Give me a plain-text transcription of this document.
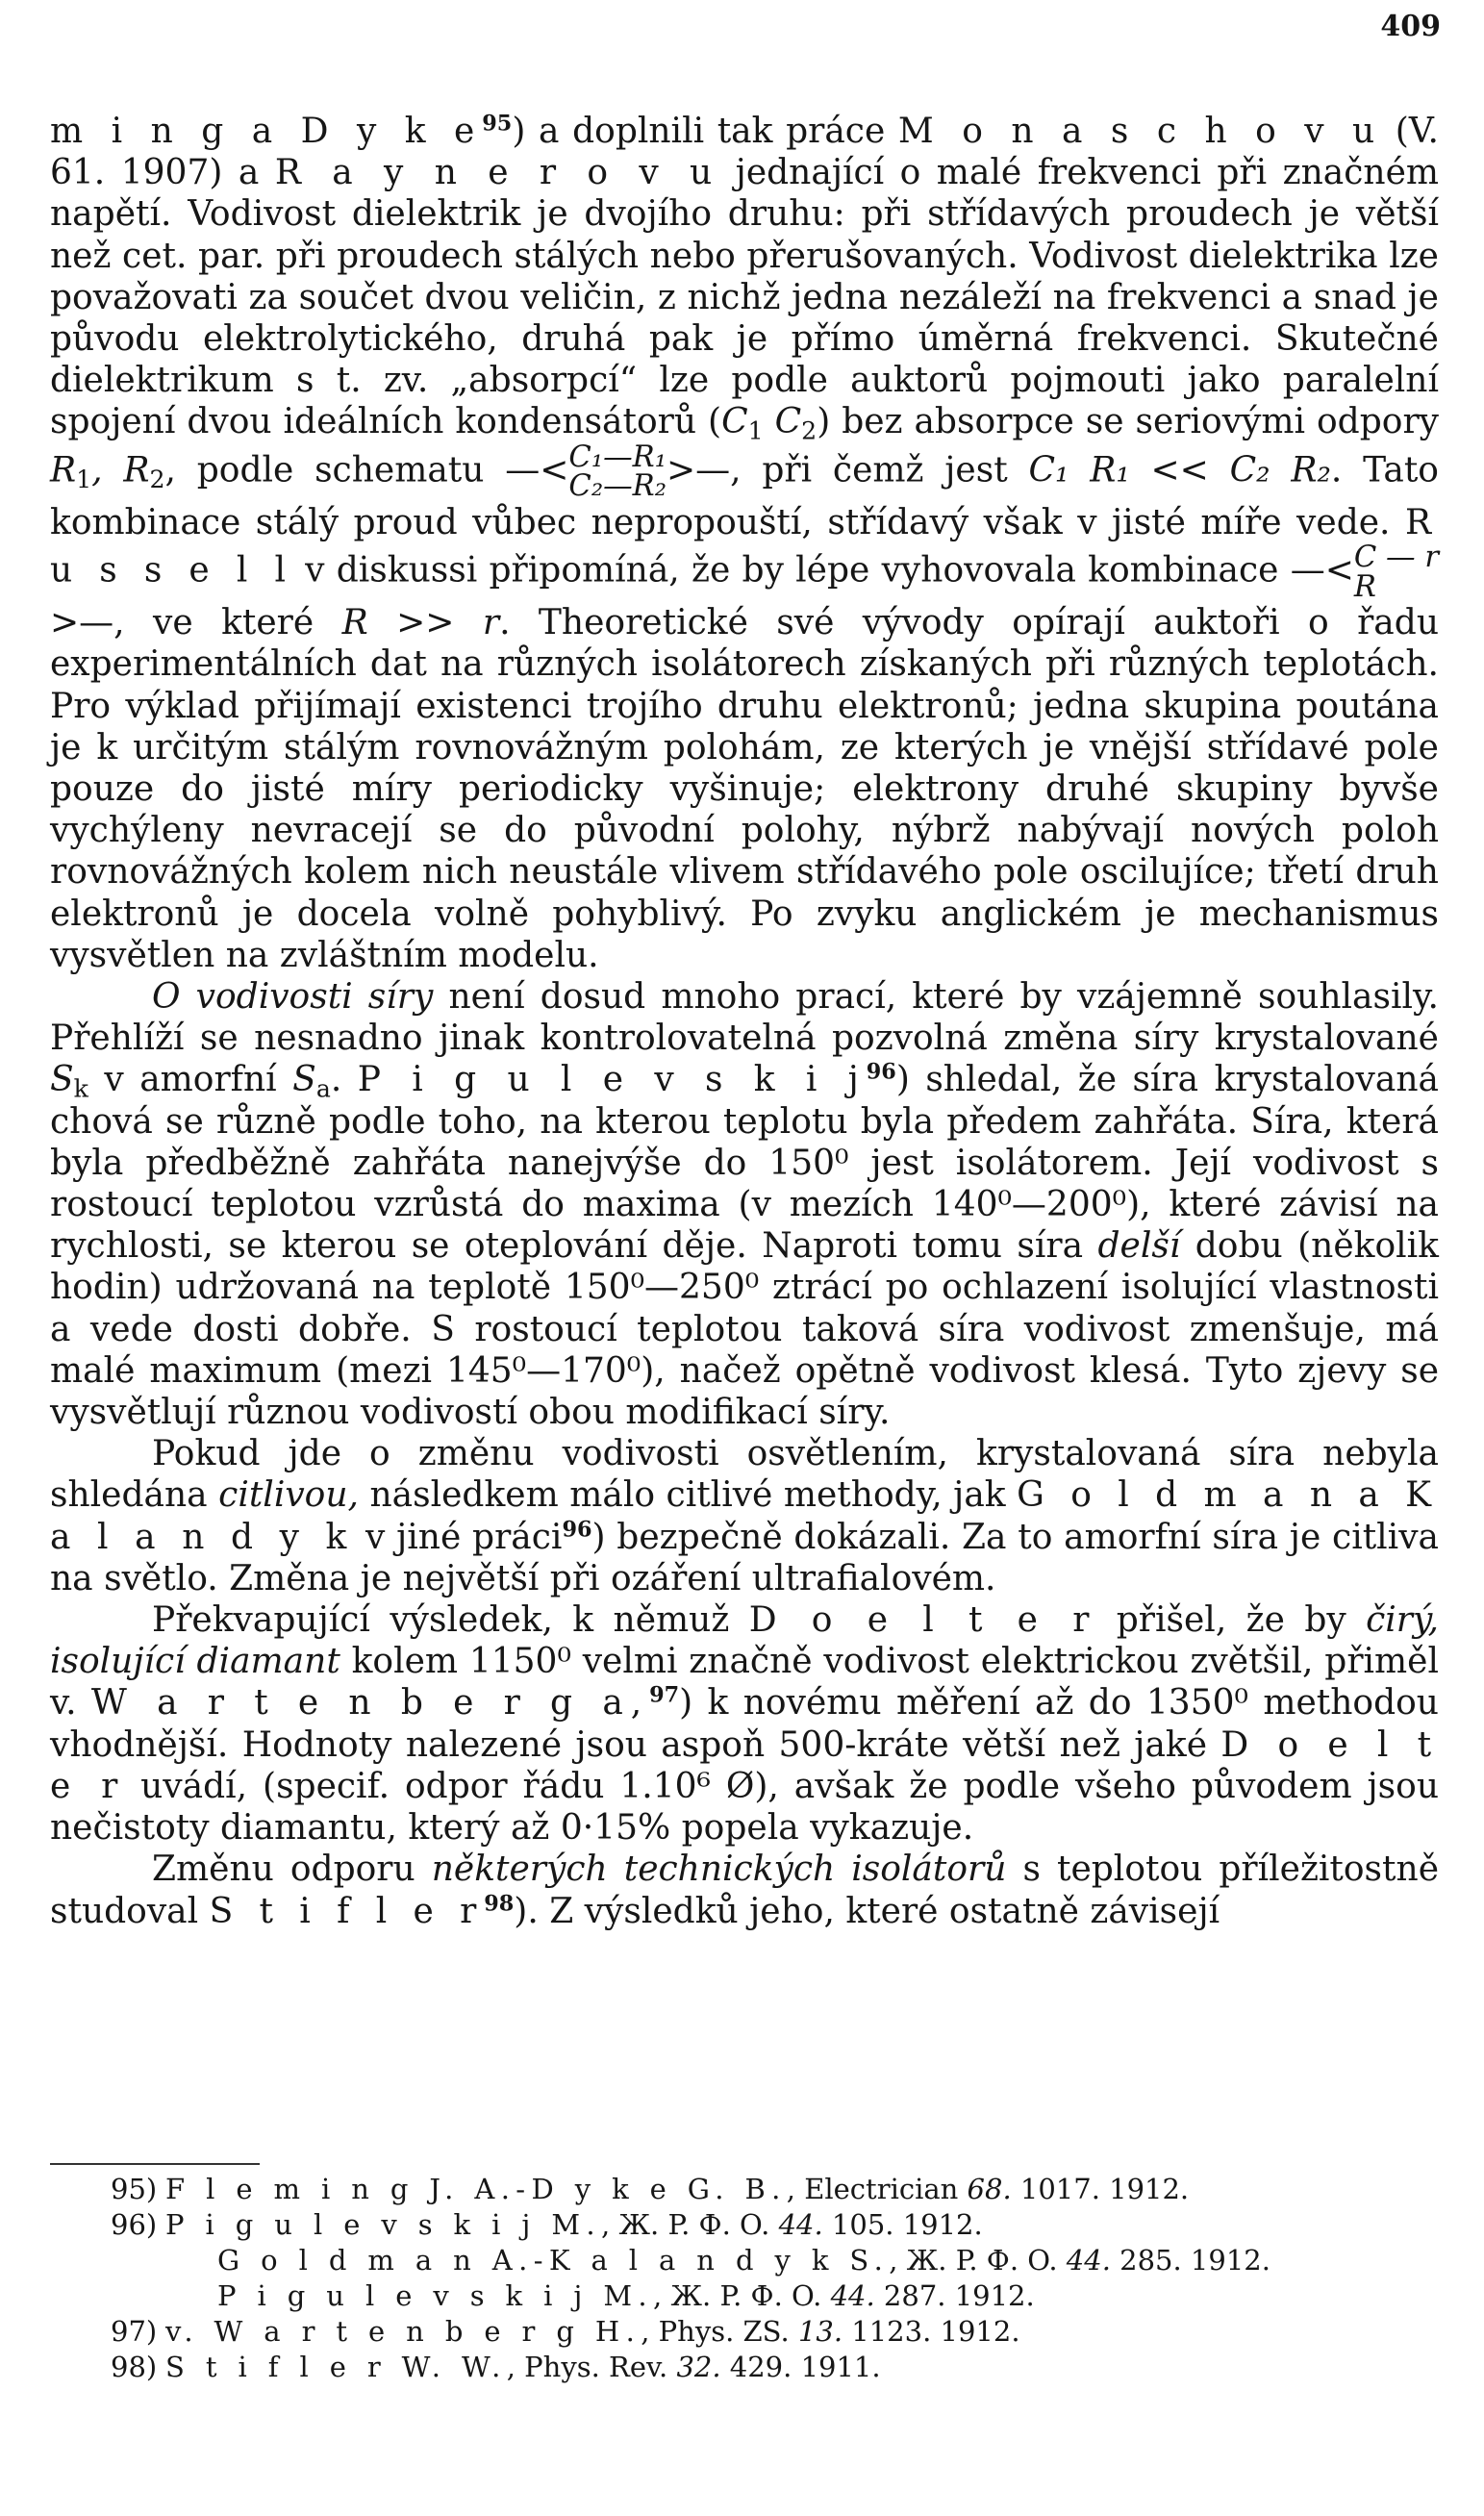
409

m i n g a D y k $e^{95}$) a doplnili tak práce M o n a s c h o v u (V. 61. 1907) a R a y n e r o v u jednající o malé frekvenci při značném napětí. Vodivost dielektrik je dvojího druhu: při střídavých proudech je větší než cet. par. při proudech stálých nebo přerušovaných. Vodivost dielektrika lze považovati za součet dvou veličin, z nichž jedna nezáleží na frekvenci a snad je původu elektrolytického, druhá pak je přímo úměrná frekvenci. Skutečné dielektrikum s t. zv. „absorpcí“ lze podle auktorů pojmouti jako paralelní spojení dvou ideálních kondensátorů ($C_1$ $C_2$) bez absorpce se seriovými odpory $R_1$, $R_2$, podle schematu —< C₁—R₁
C₂—R₂ >—, při čemž jest C₁ R₁ << C₂ R₂. Tato kombinace stálý proud vůbec nepropouští, střídavý však v jisté míře vede. R u s s e l l v diskussi připomíná, že by lépe vyhovovala kombinace —< C — r
R
>—, ve které R >> r. Theoretické své vývody opírají auktoři o řadu experimentálních dat na různých isolátorech získaných při různých teplotách. Pro výklad přijímají existenci trojího druhu elektronů; jedna skupina poutána je k určitým stálým rovnovážným polohám, ze kterých je vnější střídavé pole pouze do jisté míry periodicky vyšinuje; elektrony druhé skupiny byvše vychýleny nevracejí se do původní polohy, nýbrž nabývají nových poloh rovnovážných kolem nich neustále vlivem střídavého pole oscilujíce; třetí druh elektronů je docela volně pohyblivý. Po zvyku anglickém je mechanismus vysvětlen na zvláštním modelu.

O vodivosti síry není dosud mnoho prací, které by vzájemně souhlasily. Přehlíží se nesnadno jinak kontrolovatelná pozvolná změna síry krystalované $S_k$ v amorfní $S_a$. P i g u l e v s k i $j^{96}$) shledal, že síra krystalovaná chová se různě podle toho, na kterou teplotu byla předem zahřáta. Síra, která byla předběžně zahřáta nanejvýše do 150⁰ jest isolátorem. Její vodivost s rostoucí teplotou vzrůstá do maxima (v mezích 140⁰—200⁰), které závisí na rychlosti, se kterou se oteplování děje. Naproti tomu síra delší dobu (několik hodin) udržovaná na teplotě 150⁰—250⁰ ztrácí po ochlazení isolující vlastnosti a vede dosti dobře. S rostoucí teplotou taková síra vodivost zmenšuje, má malé maximum (mezi 145⁰—170⁰), načež opětně vodivost klesá. Tyto zjevy se vysvětlují různou vodivostí obou modifikací síry.

Pokud jde o změnu vodivosti osvětlením, krystalovaná síra nebyla shledána citlivou, následkem málo citlivé methody, jak G o l d m a n a K a l a n d y k v jiné práci$^{96}$) bezpečně dokázali. Za to amorfní síra je citliva na světlo. Změna je největší při ozáření ultrafialovém.

Překvapující výsledek, k němuž D o e l t e r přišel, že by čirý, isolující diamant kolem 1150⁰ velmi značně vodivost elektrickou zvětšil, přiměl v. W a r t e n b e r g a,$^{97}$) k novému měření až do 1350⁰ methodou vhodnější. Hodnoty nalezené jsou aspoň 500-kráte větší než jaké D o e l t e r uvádí, (specif. odpor řádu 1.10⁶ Ø), avšak že podle všeho původem jsou nečistoty diamantu, který až 0·15% popela vykazuje.

Změnu odporu některých technických isolátorů s teplotou příležitostně studoval S t i f l e $r^{98}$). Z výsledků jeho, které ostatně závisejí

95) F l e m i n g J. A.-D y k e G. B., Electrician 68. 1017. 1912.
96) P i g u l e v s k i j M., Ж. P. Ф. O. 44. 105. 1912.
G o l d m a n A.-K a l a n d y k S., Ж. P. Ф. O. 44. 285. 1912.
P i g u l e v s k i j M., Ж. P. Ф. O. 44. 287. 1912.
97) v. W a r t e n b e r g H., Phys. ZS. 13. 1123. 1912.
98) S t i f l e r W. W., Phys. Rev. 32. 429. 1911.
